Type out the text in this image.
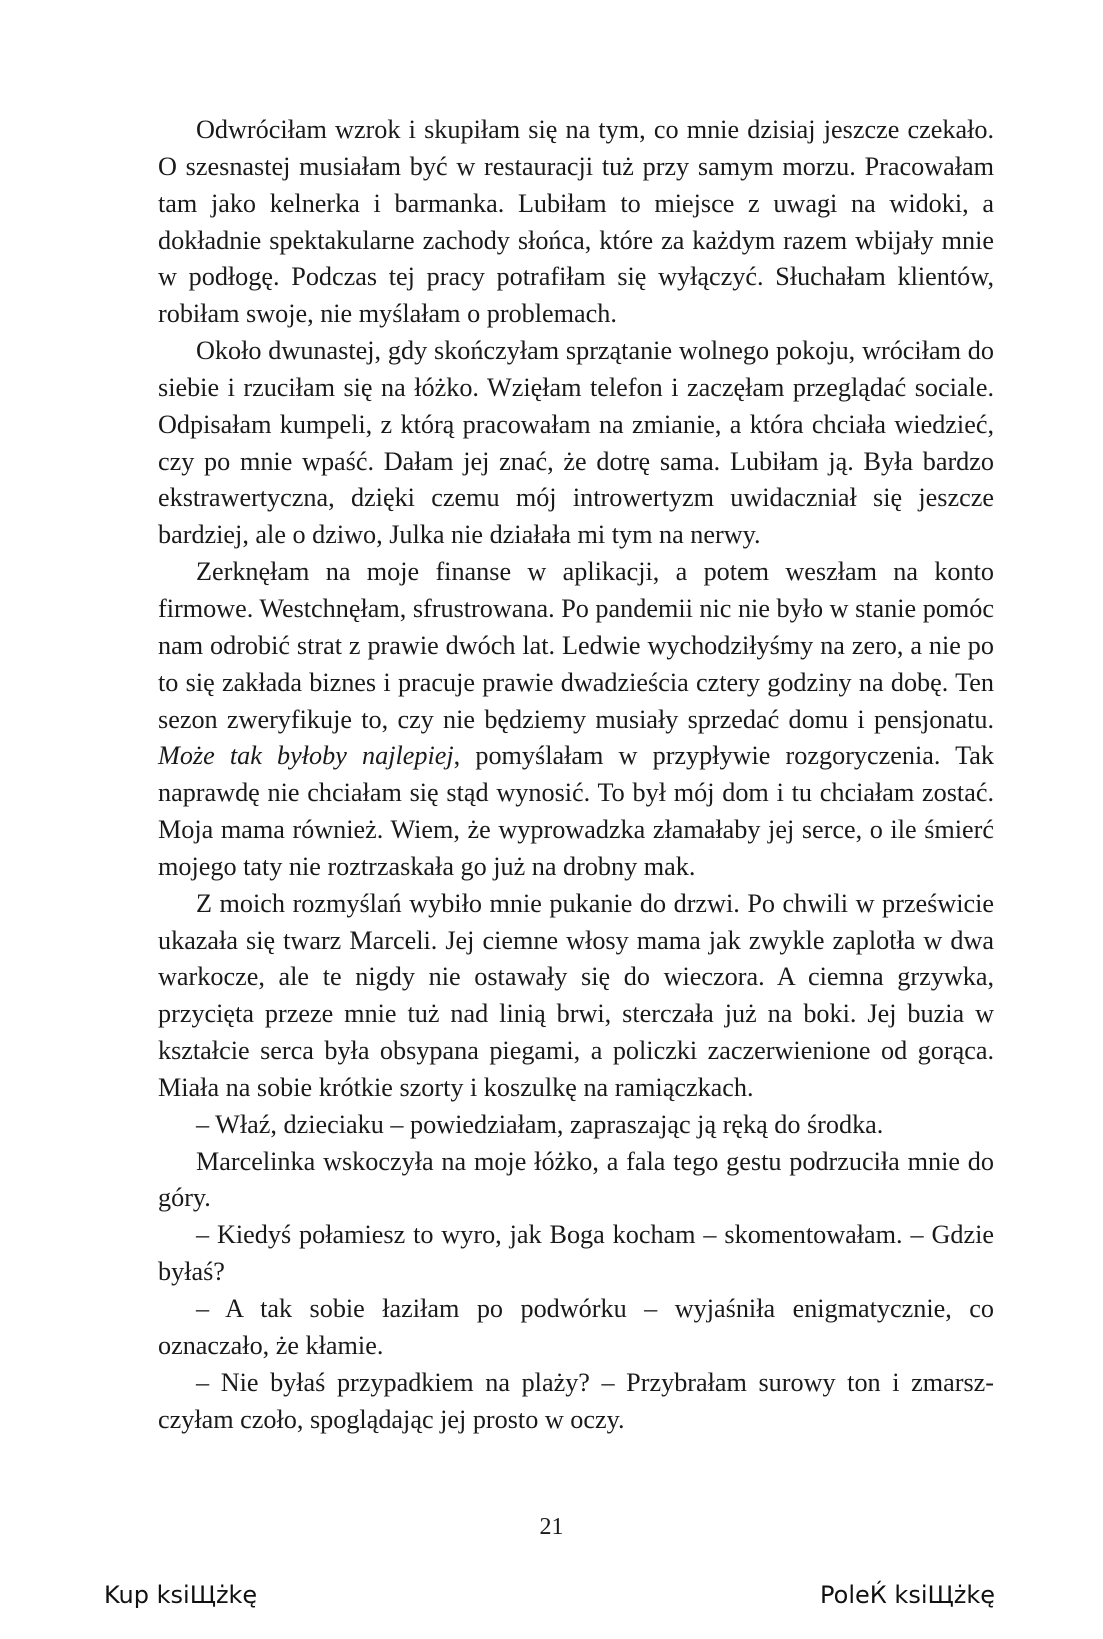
Odwróciłam wzrok i skupiłam się na tym, co mnie dzisiaj jeszcze czekało. O szesnastej musiałam być w restauracji tuż przy samym morzu. Pracowałam tam jako kelnerka i barmanka. Lubiłam to miejsce z uwagi na widoki, a dokładnie spektakularne zachody słońca, które za każdym razem wbijały mnie w podłogę. Podczas tej pracy potrafiłam się wyłączyć. Słuchałam klientów, robiłam swoje, nie myślałam o problemach.

Około dwunastej, gdy skończyłam sprzątanie wolnego pokoju, wróciłam do siebie i rzuciłam się na łóżko. Wzięłam telefon i zaczęłam przeglądać sociale. Odpisałam kumpeli, z którą pracowałam na zmianie, a która chciała wiedzieć, czy po mnie wpaść. Dałam jej znać, że dotrę sama. Lubiłam ją. Była bardzo ekstrawertyczna, dzięki czemu mój introwertyzm uwidaczniał się jeszcze bardziej, ale o dziwo, Julka nie działała mi tym na nerwy.

Zerknęłam na moje finanse w aplikacji, a potem weszłam na konto firmowe. Westchnęłam, sfrustrowana. Po pandemii nic nie było w stanie pomóc nam odrobić strat z prawie dwóch lat. Ledwie wychodziłyśmy na zero, a nie po to się zakłada biznes i pracuje prawie dwadzieścia cztery godziny na dobę. Ten sezon zweryfikuje to, czy nie będziemy musiały sprzedać domu i pensjonatu. Może tak byłoby najlepiej, pomyślałam w przypływie rozgoryczenia. Tak naprawdę nie chciałam się stąd wynosić. To był mój dom i tu chciałam zostać. Moja mama również. Wiem, że wyprowadzka złamałaby jej serce, o ile śmierć mojego taty nie roztrzaskała go już na drobny mak.

Z moich rozmyślań wybiło mnie pukanie do drzwi. Po chwili w prześwicie ukazała się twarz Marceli. Jej ciemne włosy mama jak zwykle zaplotła w dwa warkocze, ale te nigdy nie ostawały się do wieczora. A ciemna grzywka, przycięta przeze mnie tuż nad linią brwi, sterczała już na boki. Jej buzia w kształcie serca była obsypana piegami, a policzki zaczerwienione od gorąca. Miała na sobie krótkie szorty i koszulkę na ramiączkach.

– Właź, dzieciaku – powiedziałam, zapraszając ją ręką do środka.

Marcelinka wskoczyła na moje łóżko, a fala tego gestu podrzuciła mnie do góry.

– Kiedyś połamiesz to wyro, jak Boga kocham – skomentowałam. – Gdzie byłaś?

– A tak sobie łaziłam po podwórku – wyjaśniła enigmatycznie, co oznaczało, że kłamie.

– Nie byłaś przypadkiem na plaży? – Przybrałam surowy ton i zmarszczyłam czoło, spoglądając jej prosto w oczy.

21
Kup ksiЩżkę	PoleЌ ksiЩżkę
